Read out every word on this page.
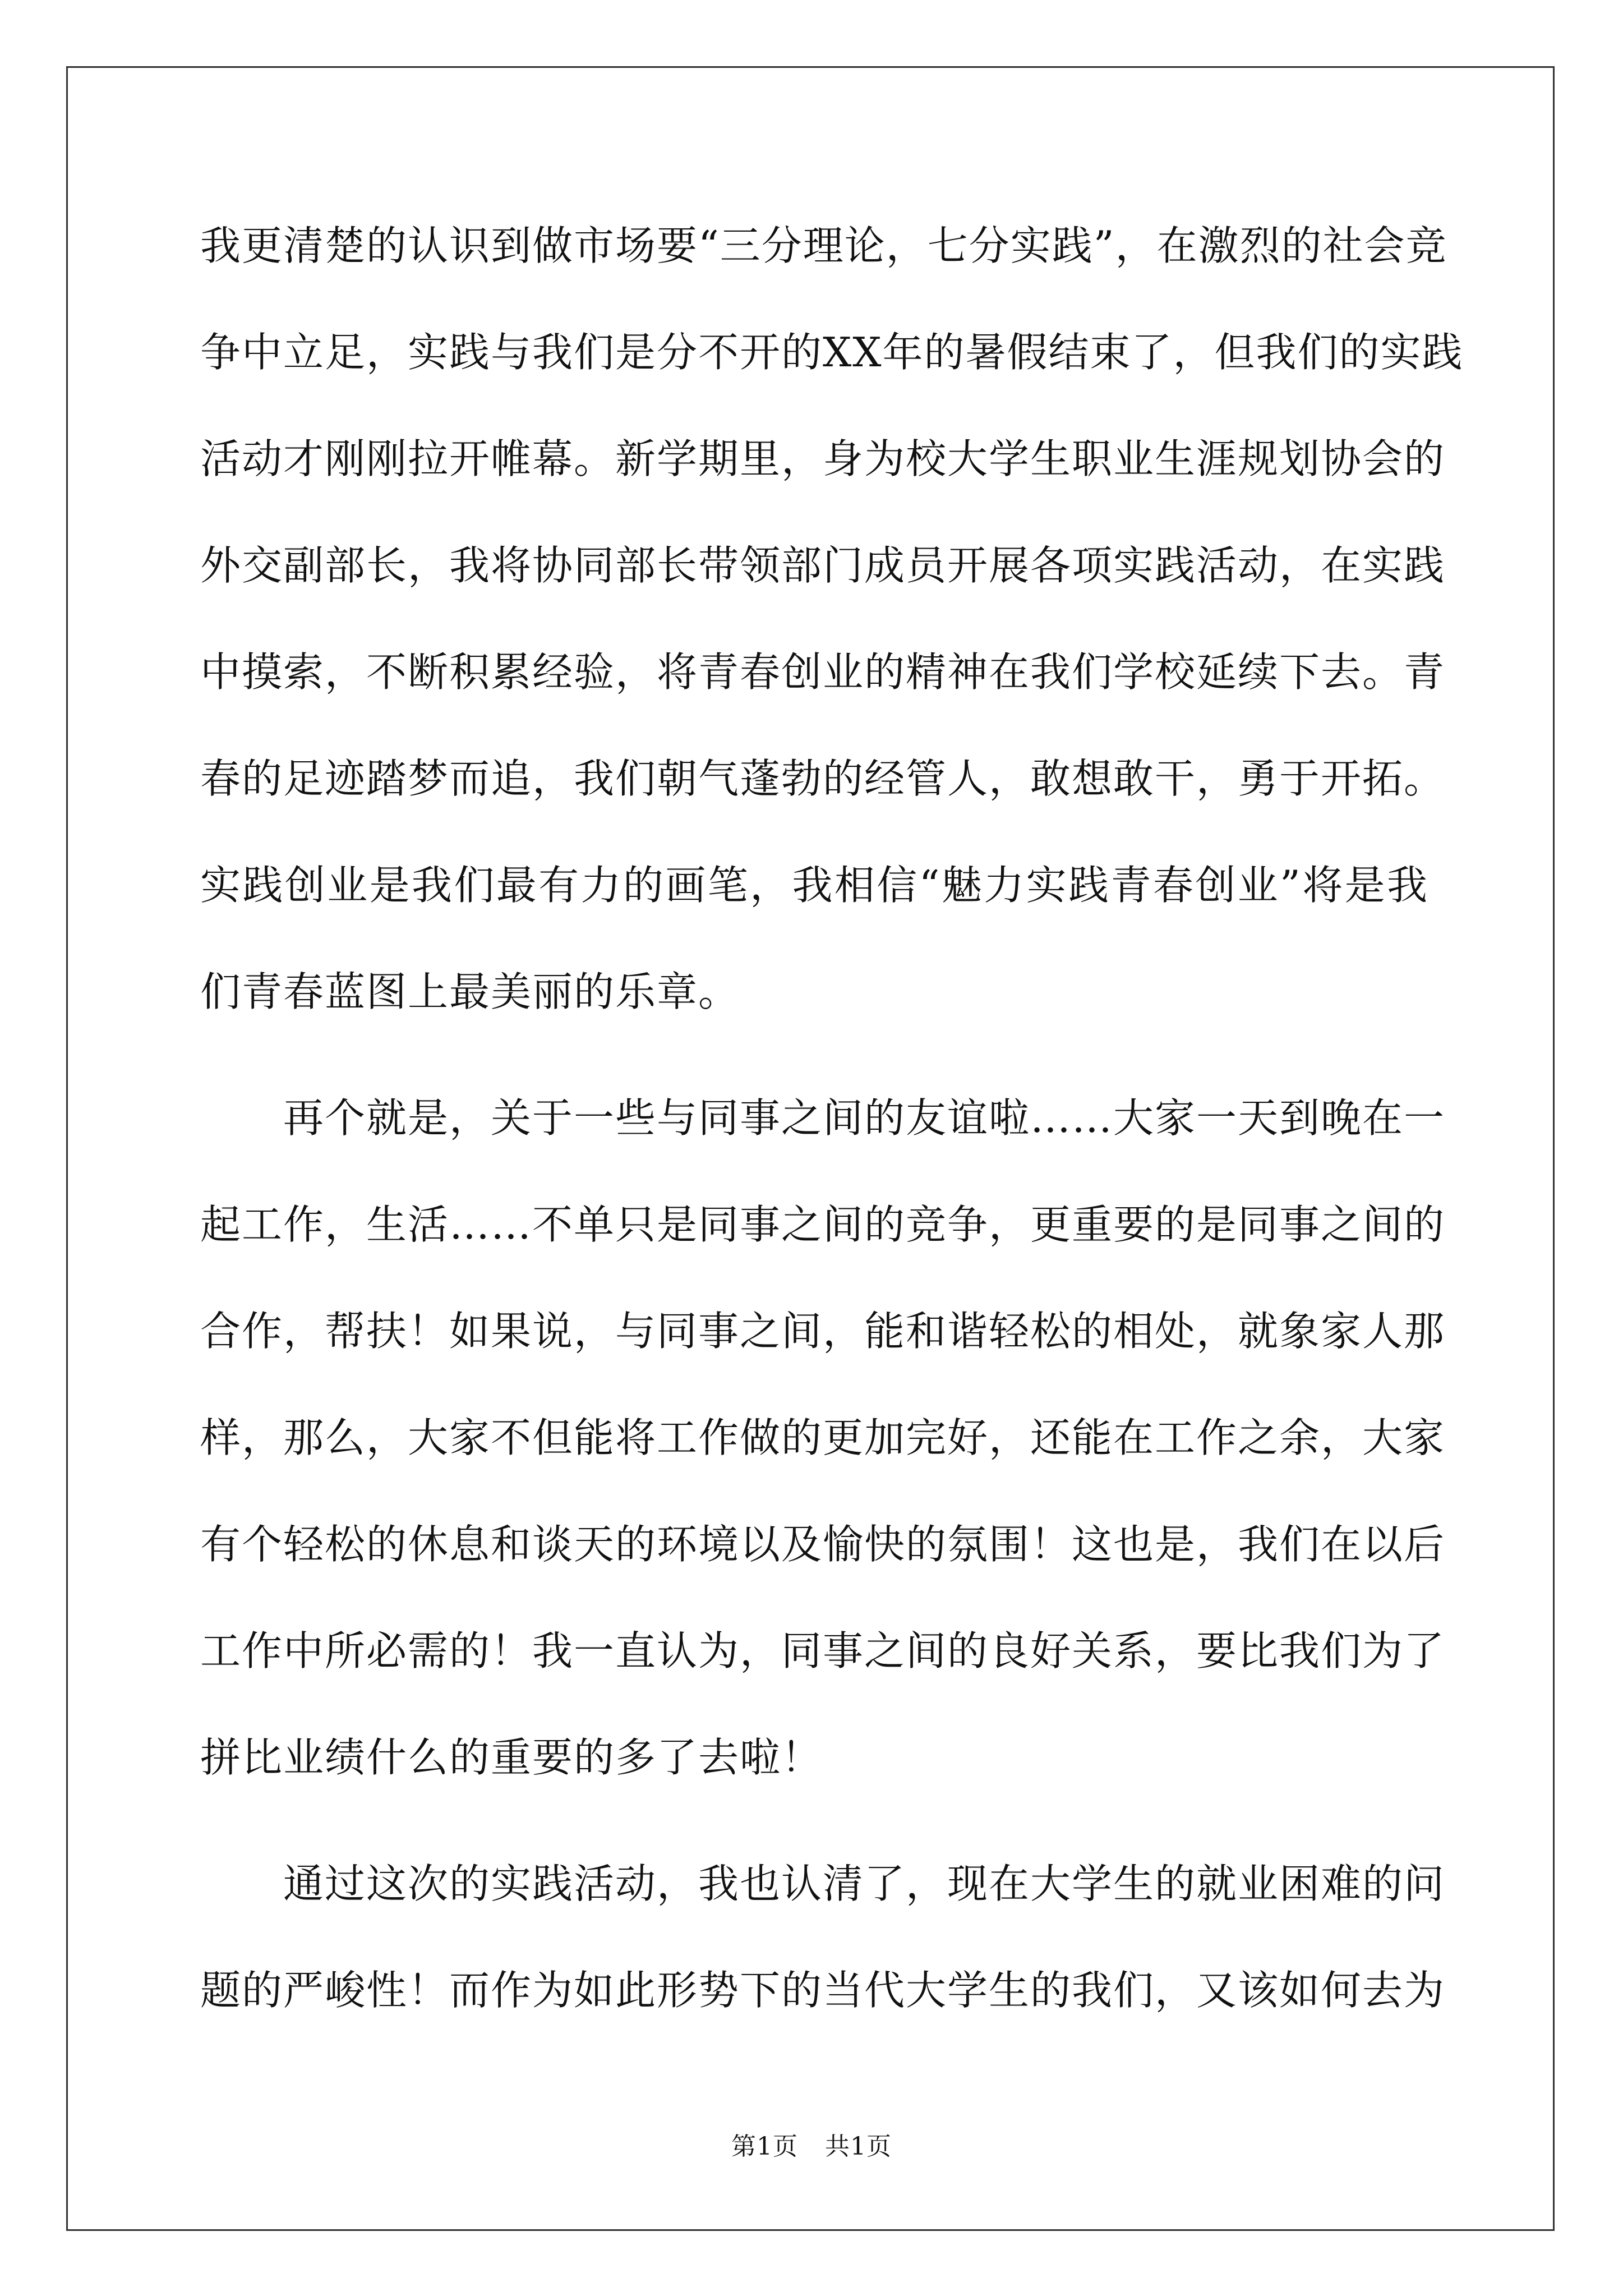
我更清楚的认识到做市场要“三分理论，七分实践”，在激烈的社会竞
争中立足，实践与我们是分不开的XX年的暑假结束了，但我们的实践
活动才刚刚拉开帷幕。新学期里，身为校大学生职业生涯规划协会的
外交副部长，我将协同部长带领部门成员开展各项实践活动，在实践
中摸索，不断积累经验，将青春创业的精神在我们学校延续下去。青
春的足迹踏梦而追，我们朝气蓬勃的经管人，敢想敢干，勇于开拓。
实践创业是我们最有力的画笔，我相信“魅力实践青春创业”将是我
们青春蓝图上最美丽的乐章。
再个就是，关于一些与同事之间的友谊啦……大家一天到晚在一
起工作，生活……不单只是同事之间的竞争，更重要的是同事之间的
合作，帮扶！如果说，与同事之间，能和谐轻松的相处，就象家人那
样，那么，大家不但能将工作做的更加完好，还能在工作之余，大家
有个轻松的休息和谈天的环境以及愉快的氛围！这也是，我们在以后
工作中所必需的！我一直认为，同事之间的良好关系，要比我们为了
拼比业绩什么的重要的多了去啦！
通过这次的实践活动，我也认清了，现在大学生的就业困难的问
题的严峻性！而作为如此形势下的当代大学生的我们，又该如何去为
第1页 共1页
